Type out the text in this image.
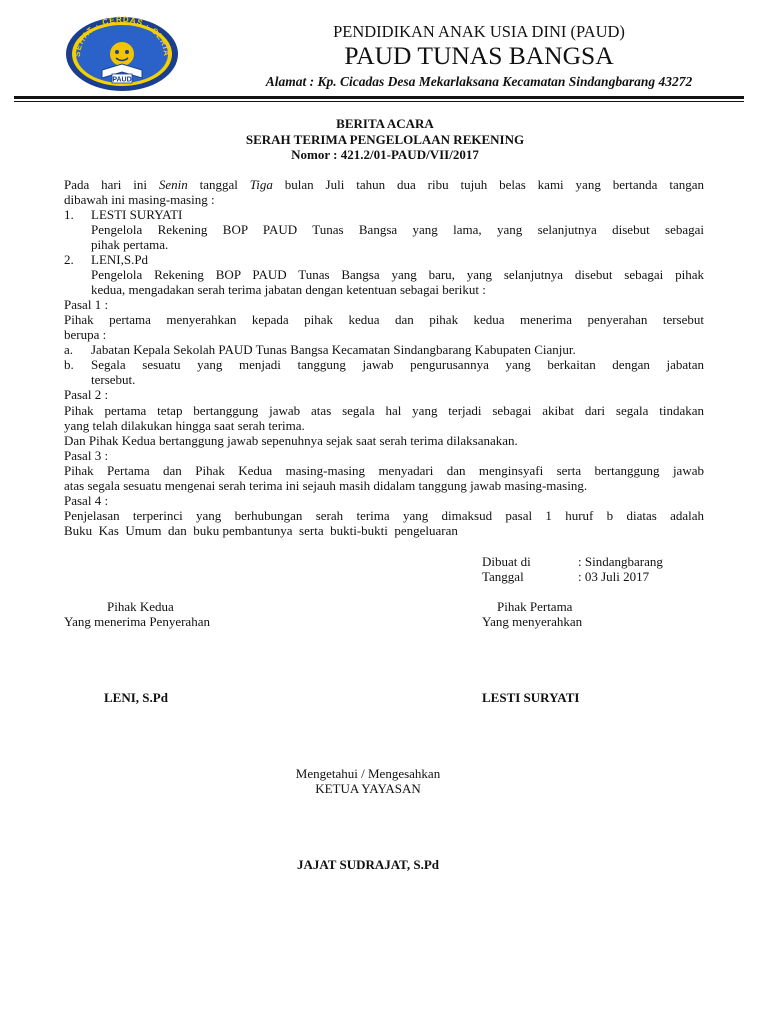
SEHAT · CERDAS · CERIA
PAUD
PENDIDIKAN ANAK USIA DINI (PAUD)
PAUD TUNAS BANGSA
Alamat : Kp. Cicadas Desa Mekarlaksana Kecamatan Sindangbarang 43272
BERITA ACARA
SERAH TERIMA PENGELOLAAN REKENING
Nomor : 421.2/01-PAUD/VII/2017
Pada hari ini Senin tanggal Tiga bulan Juli tahun dua ribu tujuh belas kami yang bertanda tangan
dibawah ini masing-masing :
1. LESTI SURYATI
Pengelola Rekening BOP PAUD Tunas Bangsa yang lama, yang selanjutnya disebut sebagai
pihak pertama.
2. LENI,S.Pd
Pengelola Rekening BOP PAUD Tunas Bangsa yang baru, yang selanjutnya disebut sebagai pihak
kedua, mengadakan serah terima jabatan dengan ketentuan sebagai berikut :
Pasal 1 :
Pihak pertama menyerahkan kepada pihak kedua dan pihak kedua menerima penyerahan tersebut
berupa :
a. Jabatan Kepala Sekolah PAUD Tunas Bangsa Kecamatan Sindangbarang Kabupaten Cianjur.
b. Segala sesuatu yang menjadi tanggung jawab pengurusannya yang berkaitan dengan jabatan
tersebut.
Pasal 2 :
Pihak pertama tetap bertanggung jawab atas segala hal yang terjadi sebagai akibat dari segala tindakan
yang telah dilakukan hingga saat serah terima.
Dan Pihak Kedua bertanggung jawab sepenuhnya sejak saat serah terima dilaksanakan.
Pasal 3 :
Pihak Pertama dan Pihak Kedua masing-masing menyadari dan menginsyafi serta bertanggung jawab
atas segala sesuatu mengenai serah terima ini sejauh masih didalam tanggung jawab masing-masing.
Pasal 4 :
Penjelasan terperinci yang berhubungan serah terima yang dimaksud pasal 1 huruf b diatas adalah
Buku  Kas  Umum  dan  buku pembantunya  serta  bukti-bukti  pengeluaran
Dibuat di	: Sindangbarang
Tanggal	: 03 Juli 2017
Pihak Kedua
Yang menerima Penyerahan
LENI, S.Pd
Pihak Pertama
Yang menyerahkan
LESTI SURYATI
Mengetahui / Mengesahkan
KETUA YAYASAN
JAJAT SUDRAJAT, S.Pd
